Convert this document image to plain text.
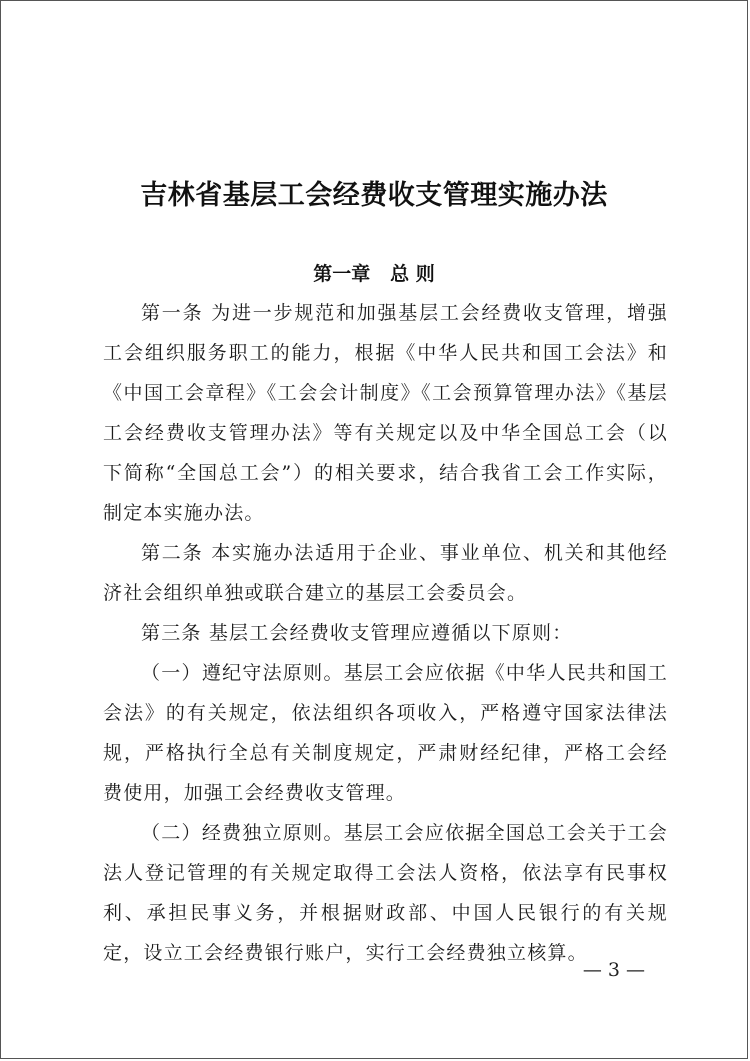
吉林省基层工会经费收支管理实施办法
第一章   总 则

第一条 为进一步规范和加强基层工会经费收支管理，增强工会组织服务职工的能力，根据《中华人民共和国工会法》和《中国工会章程》《工会会计制度》《工会预算管理办法》《基层工会经费收支管理办法》等有关规定以及中华全国总工会（以下简称“全国总工会”）的相关要求，结合我省工会工作实际，制定本实施办法。

第二条 本实施办法适用于企业、事业单位、机关和其他经济社会组织单独或联合建立的基层工会委员会。

第三条 基层工会经费收支管理应遵循以下原则：

（一）遵纪守法原则。基层工会应依据《中华人民共和国工会法》的有关规定，依法组织各项收入，严格遵守国家法律法规，严格执行全总有关制度规定，严肃财经纪律，严格工会经费使用，加强工会经费收支管理。

（二）经费独立原则。基层工会应依据全国总工会关于工会法人登记管理的有关规定取得工会法人资格，依法享有民事权利、承担民事义务，并根据财政部、中国人民银行的有关规定，设立工会经费银行账户，实行工会经费独立核算。

— 3 —
